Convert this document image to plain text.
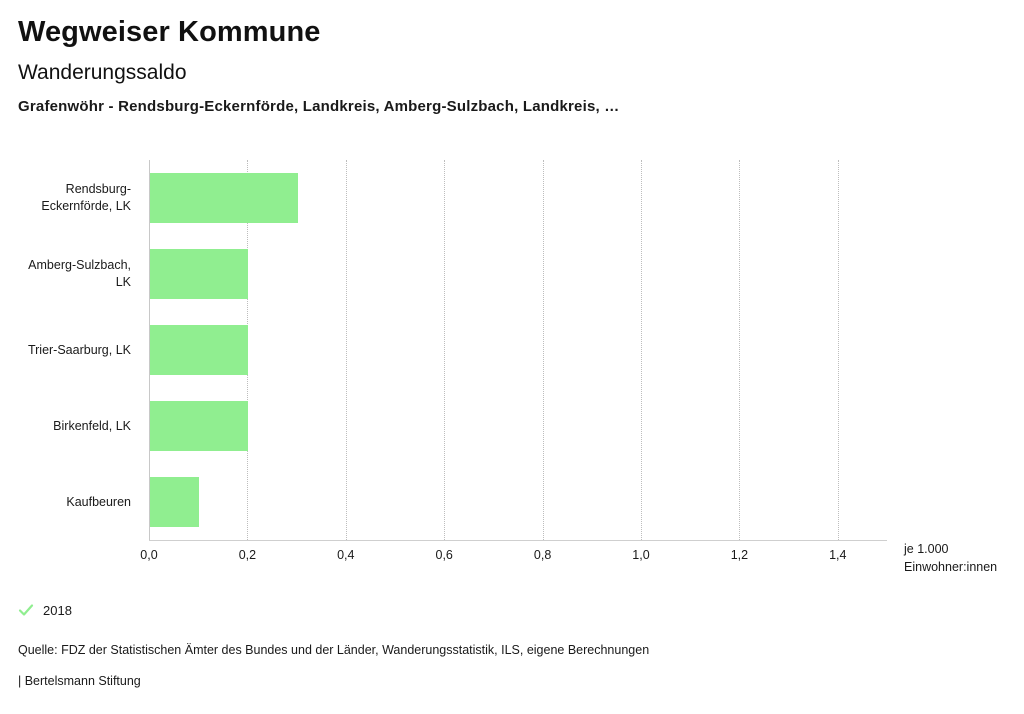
Wegweiser Kommune
Wanderungssaldo
Grafenwöhr - Rendsburg-Eckernförde, Landkreis, Amberg-Sulzbach, Landkreis, …
je 1.000
Einwohner:innen
Rendsburg-Eckernförde, LK
Amberg-Sulzbach, LK
Trier-Saarburg, LK
Birkenfeld, LK
Kaufbeuren
0,0	0,2	0,4	0,6	0,8	1,0	1,2	1,4
2018

Quelle: FDZ der Statistischen Ämter des Bundes und der Länder, Wanderungsstatistik, ILS, eigene Berechnungen

| Bertelsmann Stiftung
